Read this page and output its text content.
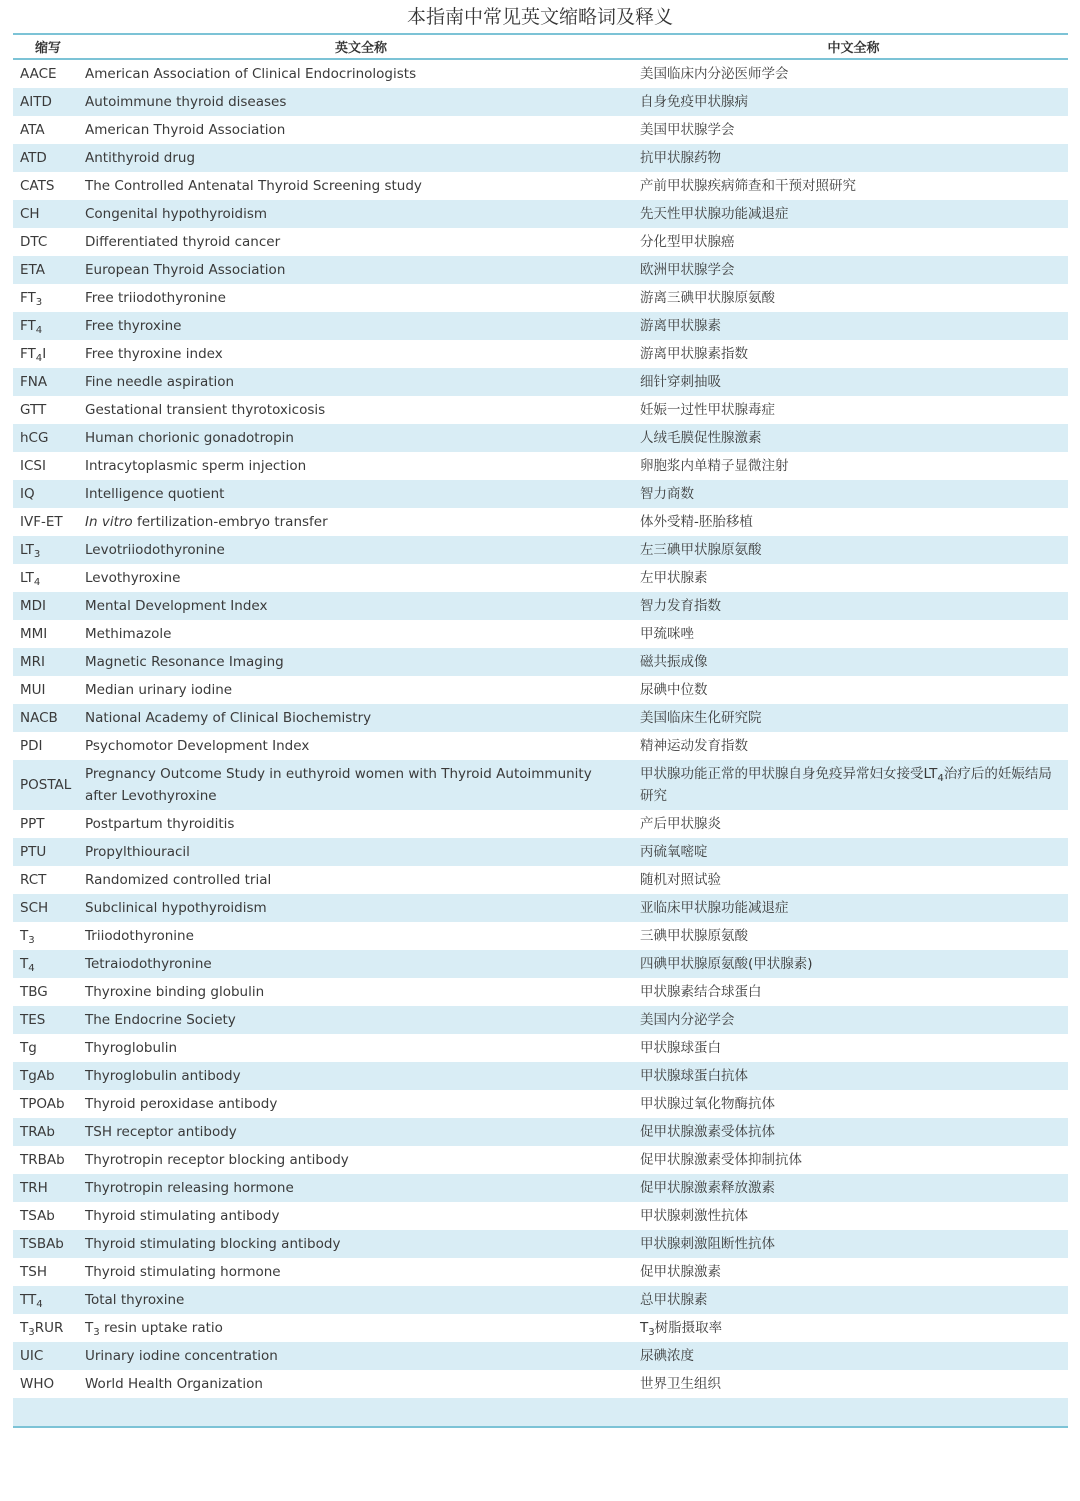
本指南中常见英文缩略词及释义
缩写	英文全称	中文全称
AACE	American Association of Clinical Endocrinologists	美国临床内分泌医师学会
AITD	Autoimmune thyroid diseases	自身免疫甲状腺病
ATA	American Thyroid Association	美国甲状腺学会
ATD	Antithyroid drug	抗甲状腺药物
CATS	The Controlled Antenatal Thyroid Screening study	产前甲状腺疾病筛查和干预对照研究
CH	Congenital hypothyroidism	先天性甲状腺功能减退症
DTC	Differentiated thyroid cancer	分化型甲状腺癌
ETA	European Thyroid Association	欧洲甲状腺学会
$FT_3$	Free triiodothyronine	游离三碘甲状腺原氨酸
$FT_4$	Free thyroxine	游离甲状腺素
$FT_4I$	Free thyroxine index	游离甲状腺素指数
FNA	Fine needle aspiration	细针穿刺抽吸
GTT	Gestational transient thyrotoxicosis	妊娠一过性甲状腺毒症
hCG	Human chorionic gonadotropin	人绒毛膜促性腺激素
ICSI	Intracytoplasmic sperm injection	卵胞浆内单精子显微注射
IQ	Intelligence quotient	智力商数
IVF-ET	In vitro fertilization-embryo transfer	体外受精-胚胎移植
$LT_3$	Levotriiodothyronine	左三碘甲状腺原氨酸
$LT_4$	Levothyroxine	左甲状腺素
MDI	Mental Development Index	智力发育指数
MMI	Methimazole	甲巯咪唑
MRI	Magnetic Resonance Imaging	磁共振成像
MUI	Median urinary iodine	尿碘中位数
NACB	National Academy of Clinical Biochemistry	美国临床生化研究院
PDI	Psychomotor Development Index	精神运动发育指数
POSTAL	Pregnancy Outcome Study in euthyroid women with Thyroid Autoimmunity after Levothyroxine	甲状腺功能正常的甲状腺自身免疫异常妇女接受$LT_4$治疗后的妊娠结局研究
PPT	Postpartum thyroiditis	产后甲状腺炎
PTU	Propylthiouracil	丙硫氧嘧啶
RCT	Randomized controlled trial	随机对照试验
SCH	Subclinical hypothyroidism	亚临床甲状腺功能减退症
$T_3$	Triiodothyronine	三碘甲状腺原氨酸
$T_4$	Tetraiodothyronine	四碘甲状腺原氨酸(甲状腺素)
TBG	Thyroxine binding globulin	甲状腺素结合球蛋白
TES	The Endocrine Society	美国内分泌学会
Tg	Thyroglobulin	甲状腺球蛋白
TgAb	Thyroglobulin antibody	甲状腺球蛋白抗体
TPOAb	Thyroid peroxidase antibody	甲状腺过氧化物酶抗体
TRAb	TSH receptor antibody	促甲状腺激素受体抗体
TRBAb	Thyrotropin receptor blocking antibody	促甲状腺激素受体抑制抗体
TRH	Thyrotropin releasing hormone	促甲状腺激素释放激素
TSAb	Thyroid stimulating antibody	甲状腺刺激性抗体
TSBAb	Thyroid stimulating blocking antibody	甲状腺刺激阻断性抗体
TSH	Thyroid stimulating hormone	促甲状腺激素
$TT_4$	Total thyroxine	总甲状腺素
$T_3RUR$	$T_3$ resin uptake ratio	$T_3$树脂摄取率
UIC	Urinary iodine concentration	尿碘浓度
WHO	World Health Organization	世界卫生组织
